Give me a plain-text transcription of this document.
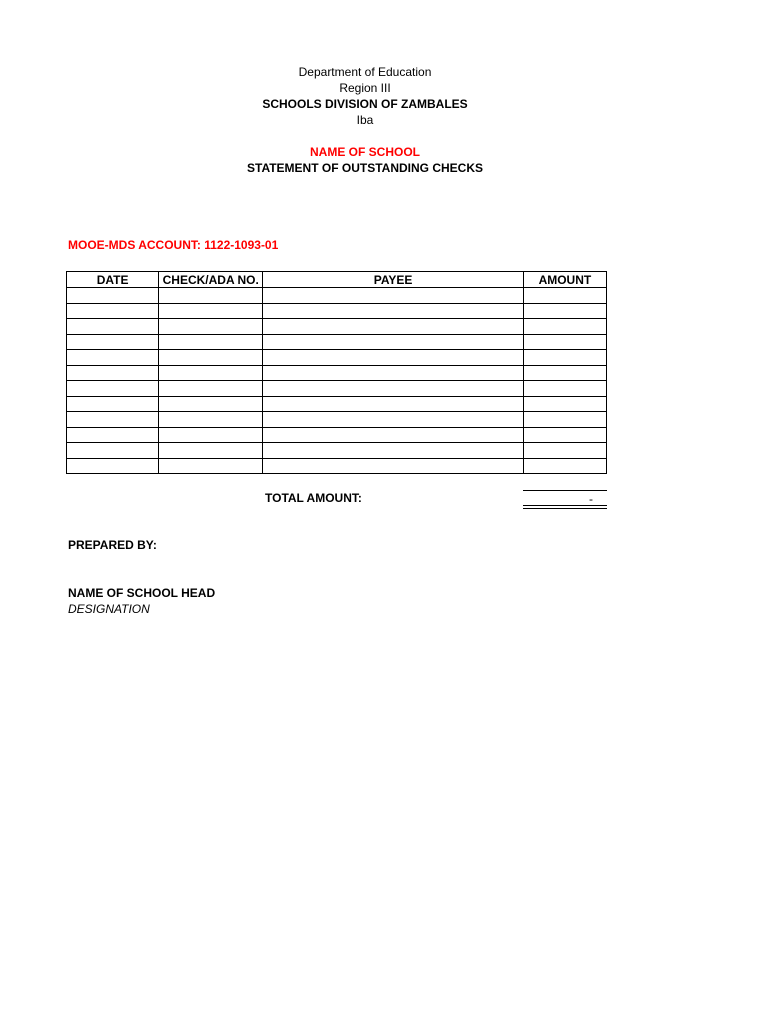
Department of Education
Region III
SCHOOLS DIVISION OF ZAMBALES
Iba
NAME OF SCHOOL
STATEMENT OF OUTSTANDING CHECKS
MOOE-MDS ACCOUNT: 1122-1093-01
DATE	CHECK/ADA NO.	PAYEE	AMOUNT

TOTAL AMOUNT:	-
PREPARED BY:
NAME OF SCHOOL HEAD
DESIGNATION
